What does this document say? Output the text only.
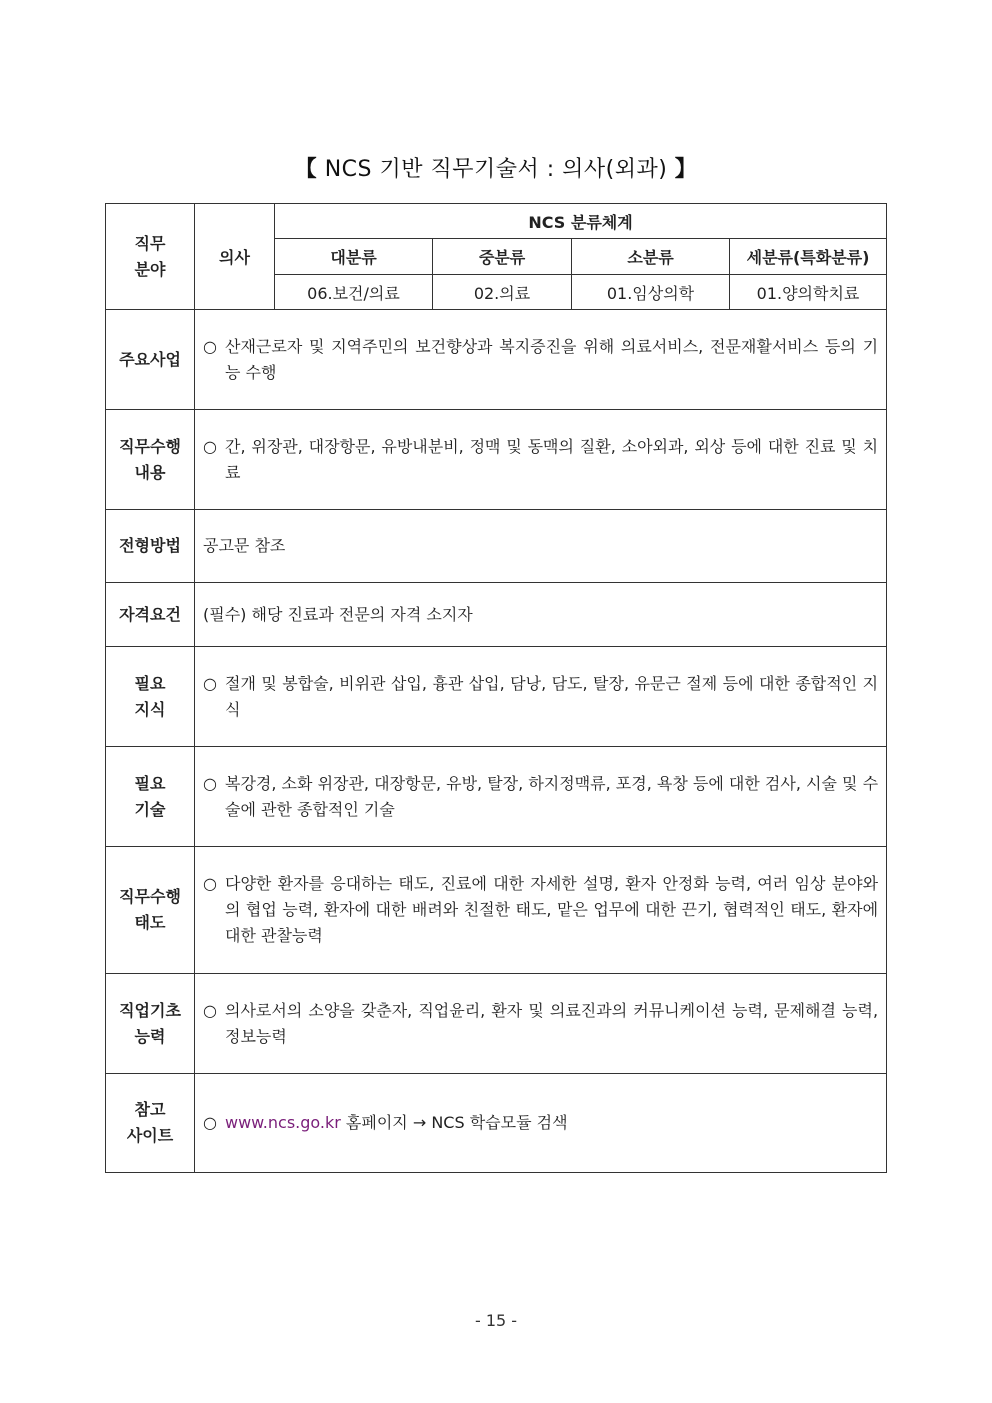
【 NCS 기반 직무기술서 : 의사(외과) 】
직무
분야	의사	NCS 분류체계			
		대분류	중분류	소분류	세분류(특화분류)
		06.보건/의료	02.의료	01.임상의학	01.양의학치료

주요사업	○ 산재근로자 및 지역주민의 보건향상과 복지증진을 위해 의료서비스, 전문재활서비스 등의 기능 수행				

직무수행
내용	○ 간, 위장관, 대장항문, 유방내분비, 정맥 및 동맥의 질환, 소아외과, 외상 등에 대한 진료 및 치료				

전형방법	공고문 참조				

자격요건	(필수) 해당 진료과 전문의 자격 소지자				

필요
지식	○ 절개 및 봉합술, 비위관 삽입, 흉관 삽입, 담낭, 담도, 탈장, 유문근 절제 등에 대한 종합적인 지식				

필요
기술	○ 복강경, 소화 위장관, 대장항문, 유방, 탈장, 하지정맥류, 포경, 욕창 등에 대한 검사, 시술 및 수술에 관한 종합적인 기술				

직무수행
태도	○ 다양한 환자를 응대하는 태도, 진료에 대한 자세한 설명, 환자 안정화 능력, 여러 임상 분야와의 협업 능력, 환자에 대한 배려와 친절한 태도, 맡은 업무에 대한 끈기, 협력적인 태도, 환자에 대한 관찰능력				

직업기초
능력	○ 의사로서의 소양을 갖춘자, 직업윤리, 환자 및 의료진과의 커뮤니케이션 능력, 문제해결 능력, 정보능력				

참고
사이트	○ www.ncs.go.kr 홈페이지 → NCS 학습모듈 검색				
- 15 -
